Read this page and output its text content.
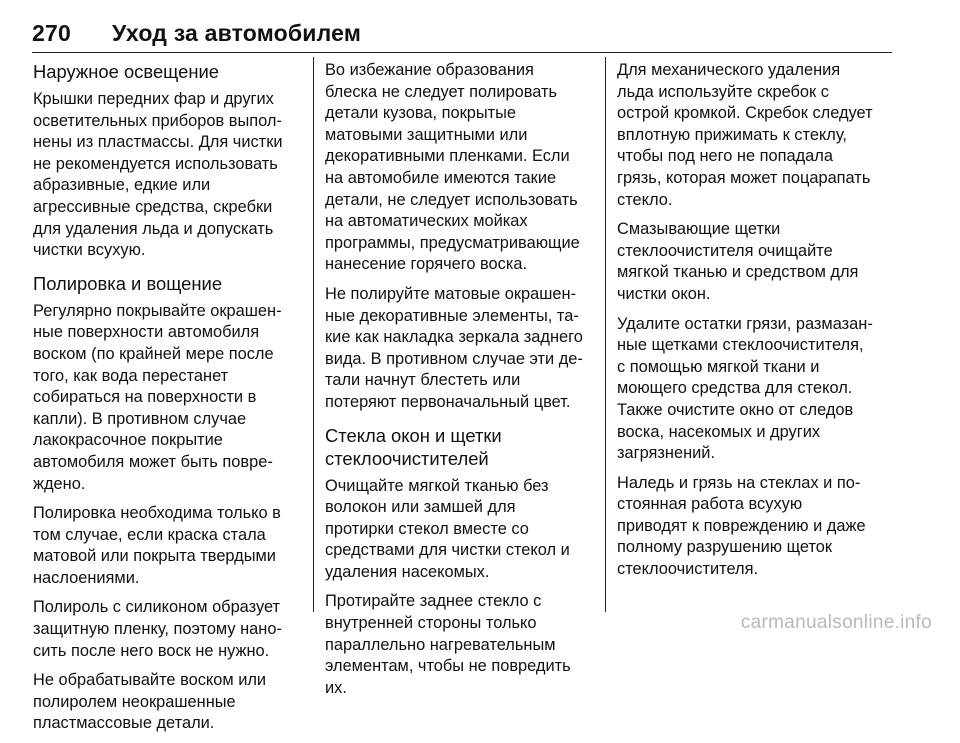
270 Уход за автомобилем
Наружное освещение

Крышки передних фар и других осветительных приборов выполнены из пластмассы. Для чистки не рекомендуется использовать абразивные, едкие или агрессивные средства, скребки для удаления льда и допускать чистки всухую.

Полировка и вощение

Регулярно покрывайте окрашенные поверхности автомобиля воском (по крайней мере после того, как вода перестанет собираться на поверхности в капли). В противном случае лакокрасочное покрытие автомобиля может быть повреждено.

Полировка необходима только в том случае, если краска стала матовой или покрыта твердыми наслоениями.

Полироль с силиконом образует защитную пленку, поэтому наносить после него воск не нужно.

Не обрабатывайте воском или полиролем неокрашенные пластмассовые детали.

Во избежание образования блеска не следует полировать детали кузова, покрытые матовыми защитными или декоративными пленками. Если на автомобиле имеются такие детали, не следует использовать на автоматических мойках программы, предусматривающие нанесение горячего воска.

Не полируйте матовые окрашенные декоративные элементы, такие как накладка зеркала заднего вида. В противном случае эти детали начнут блестеть или потеряют первоначальный цвет.

Стекла окон и щетки стеклоочистителей

Очищайте мягкой тканью без волокон или замшей для протирки стекол вместе со средствами для чистки стекол и удаления насекомых.

Протирайте заднее стекло с внутренней стороны только параллельно нагревательным элементам, чтобы не повредить их.

Для механического удаления льда используйте скребок с острой кромкой. Скребок следует вплотную прижимать к стеклу, чтобы под него не попадала грязь, которая может поцарапать стекло.

Смазывающие щетки стеклоочистителя очищайте мягкой тканью и средством для чистки окон.

Удалите остатки грязи, размазанные щетками стеклоочистителя, с помощью мягкой ткани и моющего средства для стекол. Также очистите окно от следов воска, насекомых и других загрязнений.

Наледь и грязь на стеклах и постоянная работа всухую приводят к повреждению и даже полному разрушению щеток стеклоочистителя.

carmanualsonline.info
